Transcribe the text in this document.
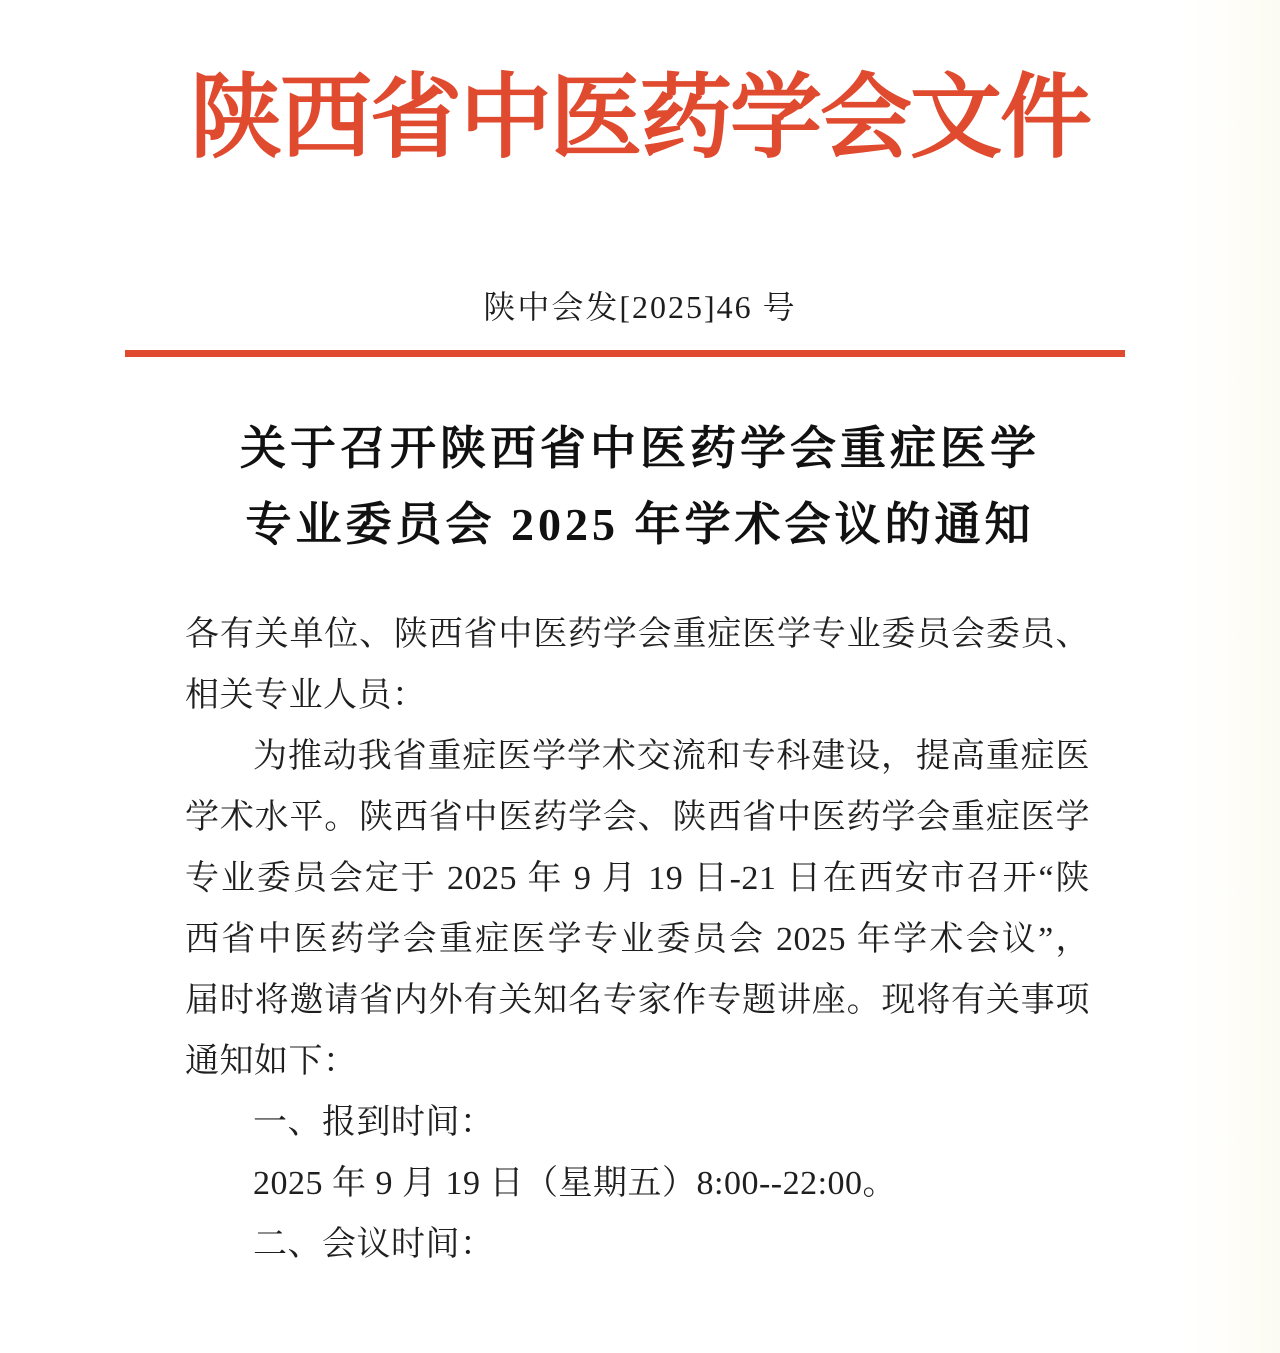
陕西省中医药学会文件
陕中会发[2025]46 号
关于召开陕西省中医药学会重症医学
专业委员会 2025 年学术会议的通知
各有关单位、陕西省中医药学会重症医学专业委员会委员、
相关专业人员：
为推动我省重症医学学术交流和专科建设，提高重症医
学术水平。陕西省中医药学会、陕西省中医药学会重症医学
专业委员会定于 2025 年 9 月 19 日-21 日在西安市召开“陕
西省中医药学会重症医学专业委员会 2025 年学术会议”，
届时将邀请省内外有关知名专家作专题讲座。现将有关事项
通知如下：
一、报到时间：
2025 年 9 月 19 日（星期五）8:00--22:00。
二、会议时间：
